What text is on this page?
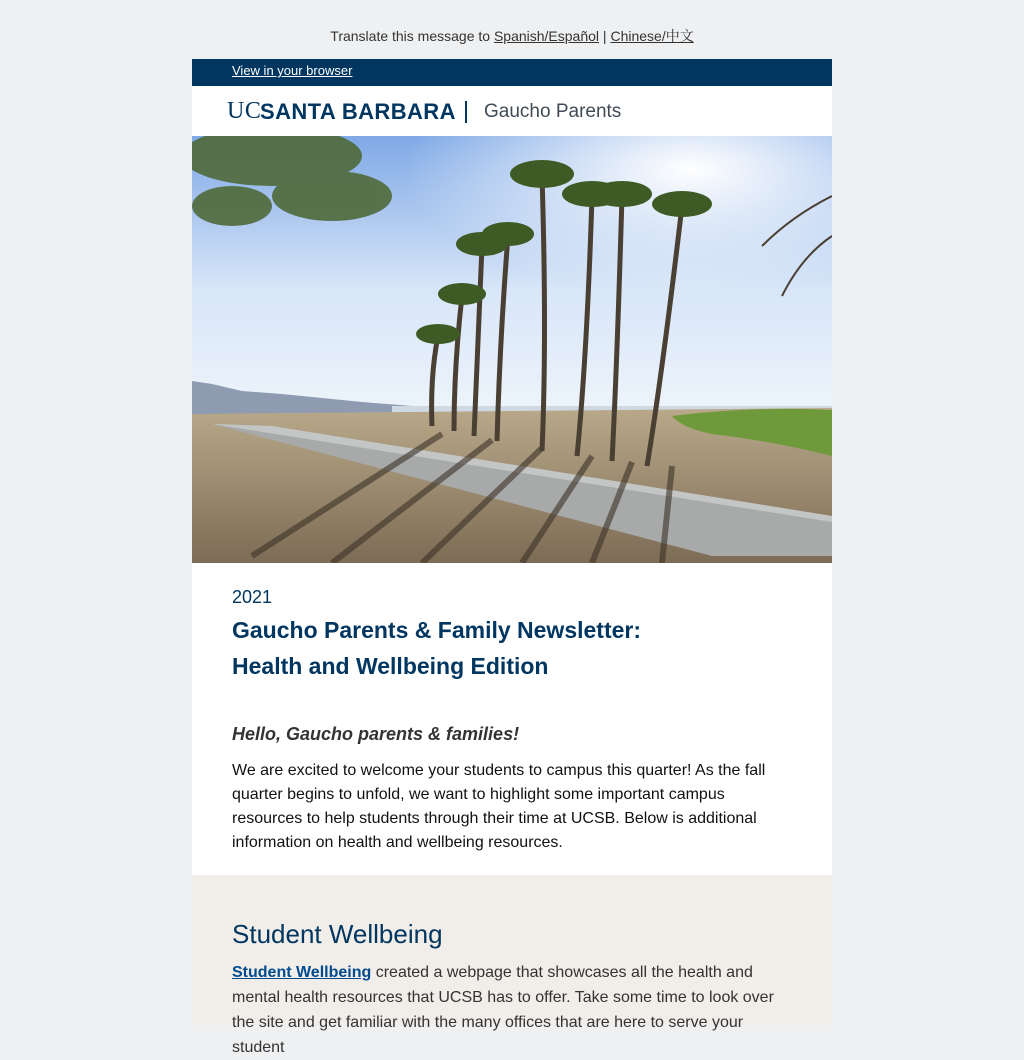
Translate this message to Spanish/Español | Chinese/中文
View in your browser
UC
SANTA BARBARA Gaucho Parents
2021
Gaucho Parents & Family Newsletter: Health and Wellbeing Edition
Hello, Gaucho parents & families!
We are excited to welcome your students to campus this quarter! As the fall quarter begins to unfold, we want to highlight some important campus resources to help students through their time at UCSB. Below is additional information on health and wellbeing resources.
Student Wellbeing
Student Wellbeing created a webpage that showcases all the health and mental health resources that UCSB has to offer. Take some time to look over the site and get familiar with the many offices that are here to serve your student
